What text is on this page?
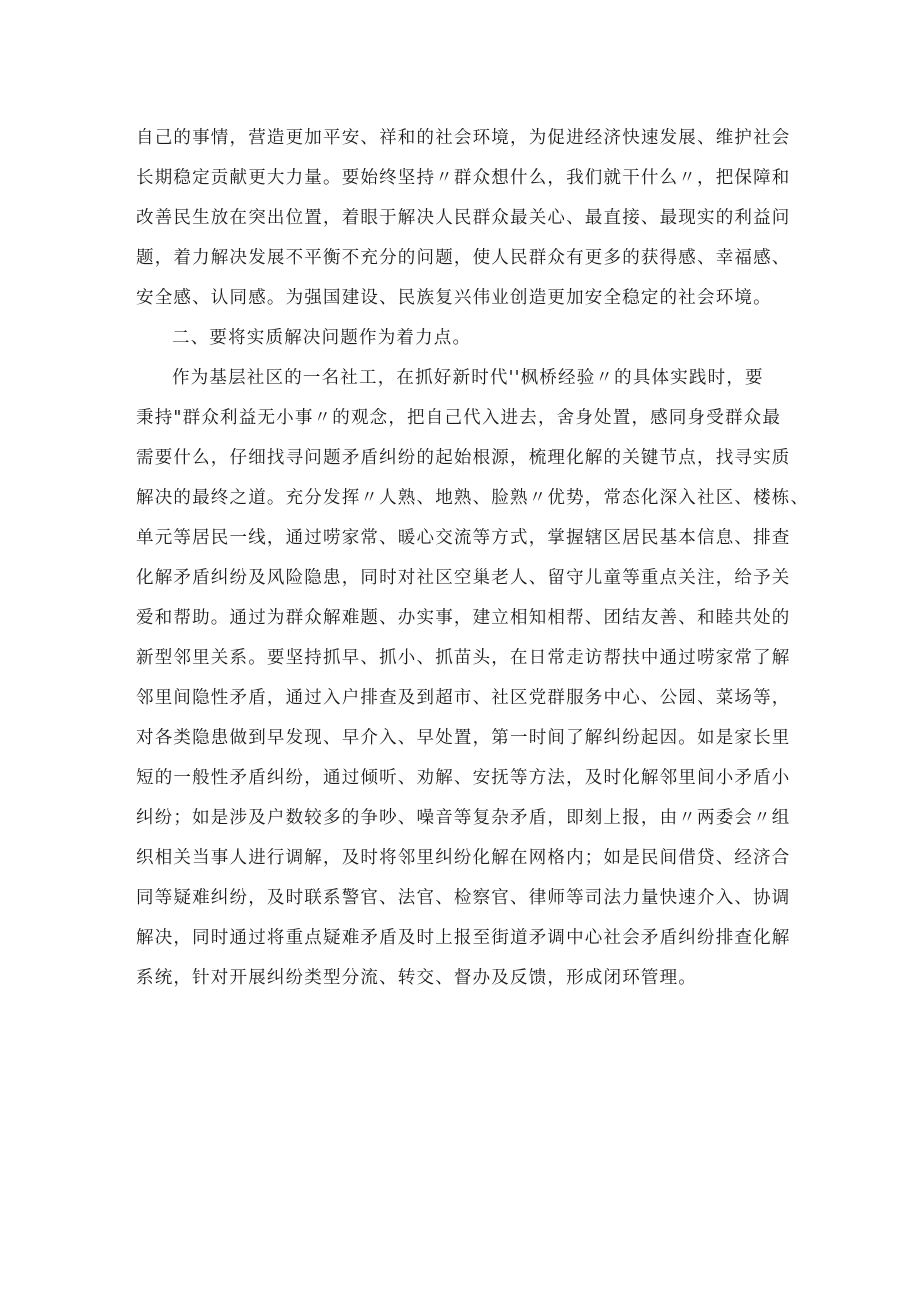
自己的事情，营造更加平安、祥和的社会环境，为促进经济快速发展、维护社会
长期稳定贡献更大力量。要始终坚持〃群众想什么，我们就干什么〃，把保障和
改善民生放在突出位置，着眼于解决人民群众最关心、最直接、最现实的利益问
题，着力解决发展不平衡不充分的问题，使人民群众有更多的获得感、幸福感、
安全感、认同感。为强国建设、民族复兴伟业创造更加安全稳定的社会环境。
二、要将实质解决问题作为着力点。
作为基层社区的一名社工，在抓好新时代''枫桥经验〃的具体实践时，要
秉持"群众利益无小事〃的观念，把自己代入进去，舍身处置，感同身受群众最
需要什么，仔细找寻问题矛盾纠纷的起始根源，梳理化解的关键节点，找寻实质
解决的最终之道。充分发挥〃人熟、地熟、脸熟〃优势，常态化深入社区、楼栋、
单元等居民一线，通过唠家常、暖心交流等方式，掌握辖区居民基本信息、排查
化解矛盾纠纷及风险隐患，同时对社区空巢老人、留守儿童等重点关注，给予关
爱和帮助。通过为群众解难题、办实事，建立相知相帮、团结友善、和睦共处的
新型邻里关系。要坚持抓早、抓小、抓苗头，在日常走访帮扶中通过唠家常了解
邻里间隐性矛盾，通过入户排查及到超市、社区党群服务中心、公园、菜场等，
对各类隐患做到早发现、早介入、早处置，第一时间了解纠纷起因。如是家长里
短的一般性矛盾纠纷，通过倾听、劝解、安抚等方法，及时化解邻里间小矛盾小
纠纷；如是涉及户数较多的争吵、噪音等复杂矛盾，即刻上报，由〃两委会〃组
织相关当事人进行调解，及时将邻里纠纷化解在网格内；如是民间借贷、经济合
同等疑难纠纷，及时联系警官、法官、检察官、律师等司法力量快速介入、协调
解决，同时通过将重点疑难矛盾及时上报至街道矛调中心社会矛盾纠纷排查化解
系统，针对开展纠纷类型分流、转交、督办及反馈，形成闭环管理。
